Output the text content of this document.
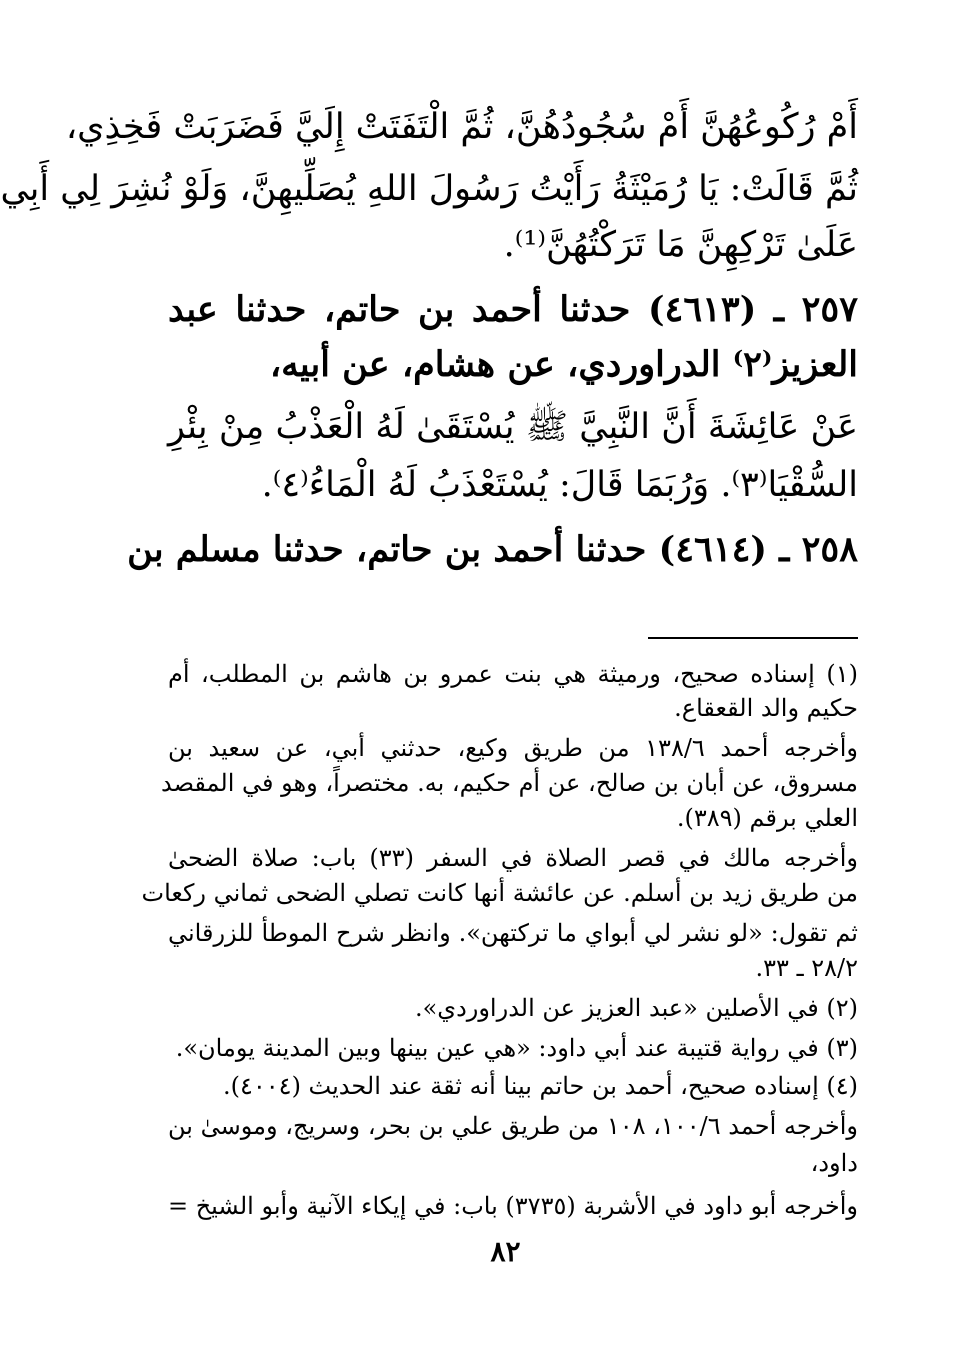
أَمْ رُكُوعُهُنَّ أَمْ سُجُودُهُنَّ، ثُمَّ الْتَفَتَتْ إِلَيَّ فَضَرَبَتْ فَخِذِي،
ثُمَّ قَالَتْ: يَا رُمَيْثَةُ رَأَيْتُ رَسُولَ اللهِ يُصَلِّيهِنَّ، وَلَوْ نُشِرَ لِي أَبِي
عَلَىٰ تَرْكِهِنَّ مَا تَرَكْتُهُنَّ⁽¹⁾.
٢٥٧ ـ (٤٦١٣) حدثنا أحمد بن حاتم، حدثنا عبد
العزيز⁽٢⁾ الدراوردي، عن هشام، عن أبيه،
عَنْ عَائِشَةَ أَنَّ النَّبِيَّ ﷺ يُسْتَقَىٰ لَهُ الْعَذْبُ مِنْ بِئْرِ
السُّقْيَا⁽٣⁾. وَرُبَمَا قَالَ: يُسْتَعْذَبُ لَهُ الْمَاءُ⁽٤⁾.
٢٥٨ ـ (٤٦١٤) حدثنا أحمد بن حاتم، حدثنا مسلم بن
(١) إسناده صحيح، ورميثة هي بنت عمرو بن هاشم بن المطلب، أم
حكيم والد القعقاع.
وأخرجه أحمد ١٣٨/٦ من طريق وكيع، حدثني أبي، عن سعيد بن
مسروق، عن أبان بن صالح، عن أم حكيم، به. مختصراً، وهو في المقصد
العلي برقم (٣٨٩).
وأخرجه مالك في قصر الصلاة في السفر (٣٣) باب: صلاة الضحىٰ
من طريق زيد بن أسلم. عن عائشة أنها كانت تصلي الضحى ثماني ركعات
ثم تقول: «لو نشر لي أبواي ما تركتهن». وانظر شرح الموطأ للزرقاني
٢٨/٢ ـ ٣٣.
(٢) في الأصلين «عبد العزيز عن الدراوردي».
(٣) في رواية قتيبة عند أبي داود: «هي عين بينها وبين المدينة يومان».
(٤) إسناده صحيح، أحمد بن حاتم بينا أنه ثقة عند الحديث (٤٠٠٤).
وأخرجه أحمد ١٠٠/٦، ١٠٨ من طريق علي بن بحر، وسريج، وموسىٰ بن
داود،
وأخرجه أبو داود في الأشربة (٣٧٣٥) باب: في إيكاء الآنية وأبو الشيخ =
٨٢
